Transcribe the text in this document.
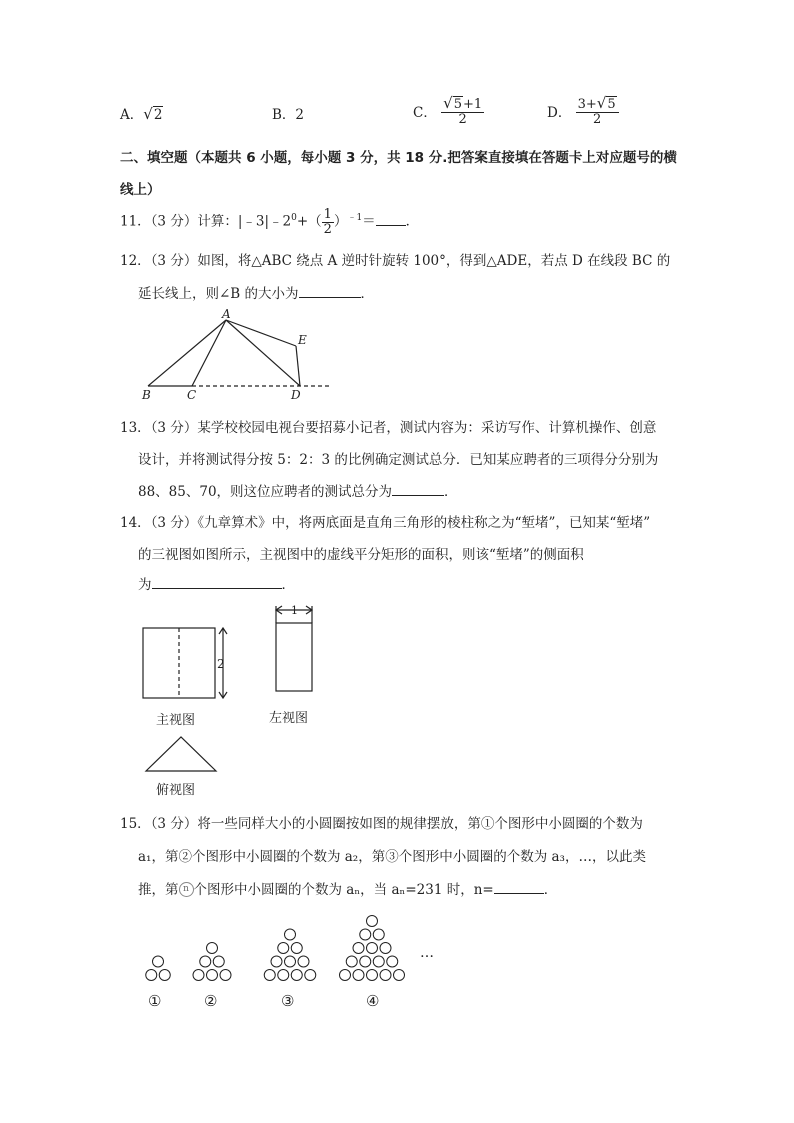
A．√2	B．2	C． $\frac{√5+1}{2}$	D． $\frac{3+√5}{2}$
二、填空题（本题共 6 小题，每小题 3 分，共 18 分.把答案直接填在答题卡上对应题号的横
线上）
11．（3 分）计算：$|﹣3|﹣2^0+( \frac{1}{2} )^{﹣1}=$ ．
12．（3 分）如图，将△ABC 绕点 A 逆时针旋转 100°，得到△ADE，若点 D 在线段 BC 的
延长线上，则∠B 的大小为	．
A
B	C	D
E
13．（3 分）某学校校园电视台要招募小记者，测试内容为：采访写作、计算机操作、创意
设计，并将测试得分按 5：2：3 的比例确定测试总分．已知某应聘者的三项得分分别为
88、85、70，则这位应聘者的测试总分为	．
14．（3 分）《九章算术》中，将两底面是直角三角形的棱柱称之为“堑堵”，已知某“堑堵”
的三视图如图所示，主视图中的虚线平分矩形的面积，则该“堑堵”的侧面积
为	．
2
1
主视图	左视图
俯视图
15．（3 分）将一些同样大小的小圆圈按如图的规律摆放，第①个图形中小圆圈的个数为
a₁，第②个图形中小圆圈的个数为 a₂，第③个图形中小圆圈的个数为 a₃，…，以此类
推，第 n 个图形中小圆圈的个数为 aₙ，当 aₙ=231 时，n=	．
…
①	②	③	④
